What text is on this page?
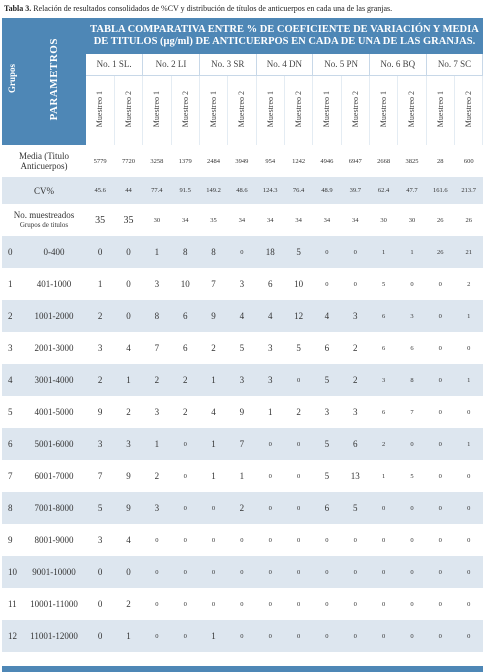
Tabla 3. Relación de resultados consolidados de %CV y distribución de títulos de anticuerpos en cada una de las granjas.
Grupos	PARAMETROS	TABLA COMPARATIVA ENTRE % DE COEFICIENTE DE VARIACIÓN Y MEDIA DE TITULOS (μg/ml) DE ANTICUERPOS EN CADA DE UNA DE LAS GRANJAS.													
		No. 1 SL.		No. 2 LI		No. 3 SR		No. 4 DN		No. 5 PN		No. 6 BQ		No. 7 SC	
		Muestreo 1	Muestreo 2	Muestreo 1	Muestreo 2	Muestreo 1	Muestreo 2	Muestreo 1	Muestreo 2	Muestreo 1	Muestreo 2	Muestreo 1	Muestreo 2	Muestreo 1	Muestreo 2

Media (Titulo Anticuerpos)		5779	7720	3258	1379	2484	3949	954	1242	4946	6947	2668	3825	28	600

CV%		45.6	44	77.4	91.5	149.2	48.6	124.3	76.4	48.9	39.7	62.4	47.7	161.6	213.7

No. muestreados
Grupos de titulos		35	35	30	34	35	34	34	34	34	34	30	30	26	26
0	0-400	0	0	1	8	8	0	18	5	0	0	1	1	26	21
1	401-1000	1	0	3	10	7	3	6	10	0	0	5	0	0	2
2	1001-2000	2	0	8	6	9	4	4	12	4	3	6	3	0	1
3	2001-3000	3	4	7	6	2	5	3	5	6	2	6	6	0	0
4	3001-4000	2	1	2	2	1	3	3	0	5	2	3	8	0	1
5	4001-5000	9	2	3	2	4	9	1	2	3	3	6	7	0	0
6	5001-6000	3	3	1	0	1	7	0	0	5	6	2	0	0	1
7	6001-7000	7	9	2	0	1	1	0	0	5	13	1	5	0	0
8	7001-8000	5	9	3	0	0	2	0	0	6	5	0	0	0	0
9	8001-9000	3	4	0	0	0	0	0	0	0	0	0	0	0	0
10	9001-10000	0	0	0	0	0	0	0	0	0	0	0	0	0	0
11	10001-11000	0	2	0	0	0	0	0	0	0	0	0	0	0	0
12	11001-12000	0	1	0	0	1	0	0	0	0	0	0	0	0	0
